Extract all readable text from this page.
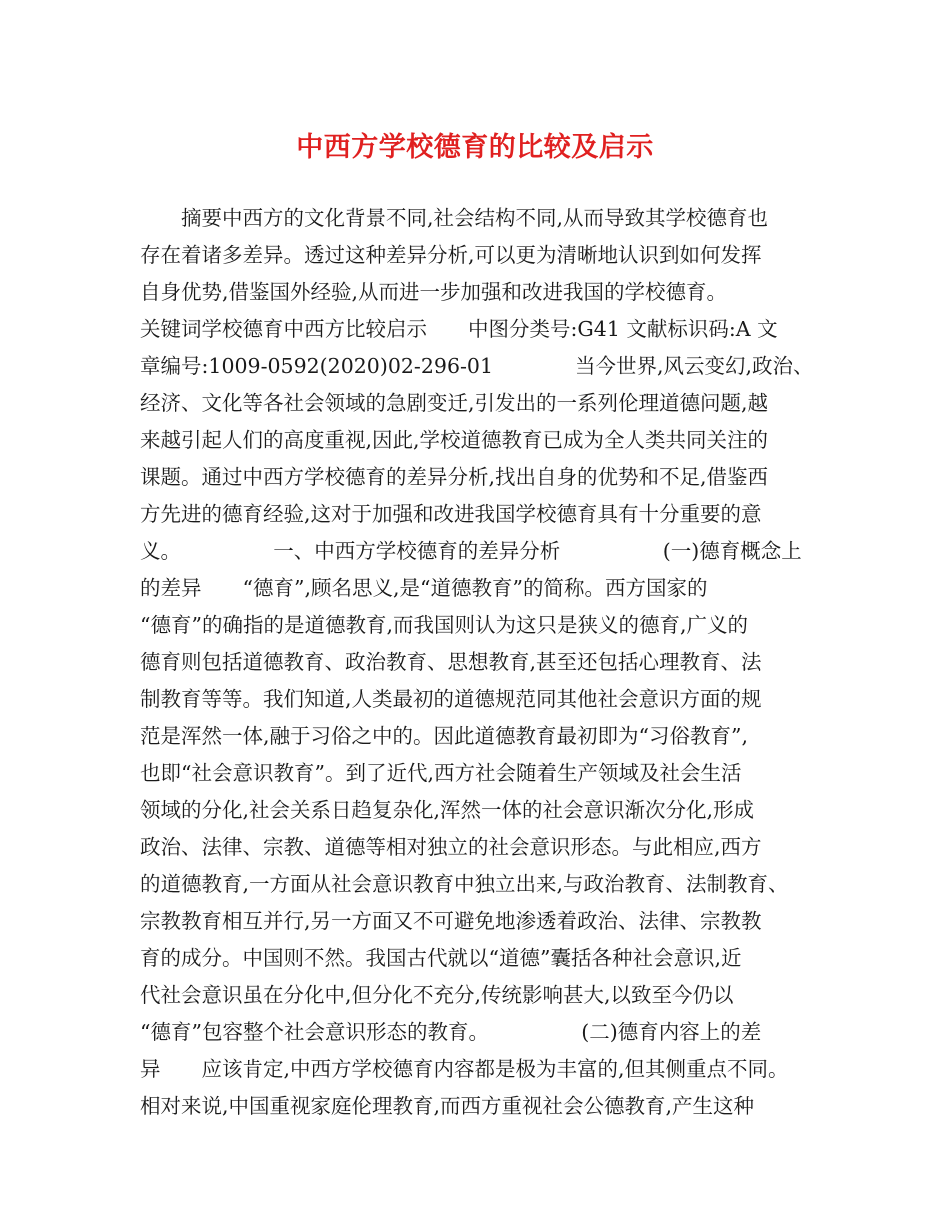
中西方学校德育的比较及启示
摘要中西方的文化背景不同,社会结构不同,从而导致其学校德育也
存在着诸多差异。透过这种差异分析,可以更为清晰地认识到如何发挥
自身优势,借鉴国外经验,从而进一步加强和改进我国的学校德育。
关键词学校德育中西方比较启示　　中图分类号:G41 文献标识码:A 文
章编号:1009-0592(2020)02-296-01　　　　当今世界,风云变幻,政治、
经济、文化等各社会领域的急剧变迁,引发出的一系列伦理道德问题,越
来越引起人们的高度重视,因此,学校道德教育已成为全人类共同关注的
课题。通过中西方学校德育的差异分析,找出自身的优势和不足,借鉴西
方先进的德育经验,这对于加强和改进我国学校德育具有十分重要的意
义。　　　　　一、中西方学校德育的差异分析　　　　　(一)德育概念上
的差异　　“德育”,顾名思义,是“道德教育”的简称。西方国家的
“德育”的确指的是道德教育,而我国则认为这只是狭义的德育,广义的
德育则包括道德教育、政治教育、思想教育,甚至还包括心理教育、法
制教育等等。我们知道,人类最初的道德规范同其他社会意识方面的规
范是浑然一体,融于习俗之中的。因此道德教育最初即为“习俗教育”,
也即“社会意识教育”。到了近代,西方社会随着生产领域及社会生活
领域的分化,社会关系日趋复杂化,浑然一体的社会意识渐次分化,形成
政治、法律、宗教、道德等相对独立的社会意识形态。与此相应,西方
的道德教育,一方面从社会意识教育中独立出来,与政治教育、法制教育、
宗教教育相互并行,另一方面又不可避免地渗透着政治、法律、宗教教
育的成分。中国则不然。我国古代就以“道德”囊括各种社会意识,近
代社会意识虽在分化中,但分化不充分,传统影响甚大,以致至今仍以
“德育”包容整个社会意识形态的教育。　　　　　(二)德育内容上的差
异　　应该肯定,中西方学校德育内容都是极为丰富的,但其侧重点不同。
相对来说,中国重视家庭伦理教育,而西方重视社会公德教育,产生这种
